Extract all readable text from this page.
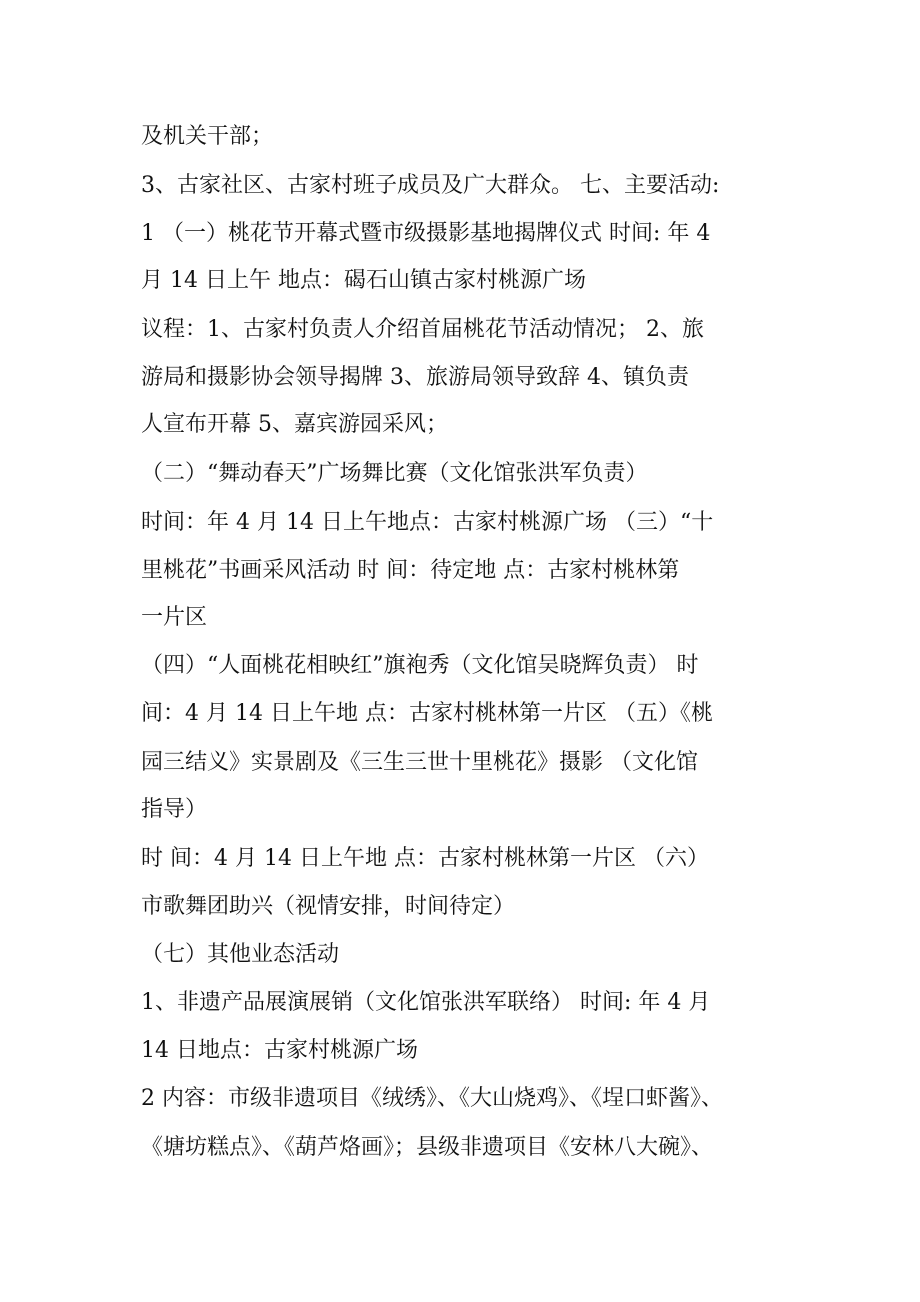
及机关干部；
3、古家社区、古家村班子成员及广大群众。 七、主要活动:
1 （一）桃花节开幕式暨市级摄影基地揭牌仪式 时间: 年 4
月 14 日上午 地点：碣石山镇古家村桃源广场
议程：1、古家村负责人介绍首届桃花节活动情况； 2、旅
游局和摄影协会领导揭牌 3、旅游局领导致辞 4、镇负责
人宣布开幕 5、嘉宾游园采风；
（二）“舞动春天”广场舞比赛（文化馆张洪军负责）
时间：年 4 月 14 日上午地点：古家村桃源广场 （三）“十
里桃花”书画采风活动 时 间：待定地 点：古家村桃林第
一片区
（四）“人面桃花相映红”旗袍秀（文化馆吴晓辉负责） 时
间：4 月 14 日上午地 点：古家村桃林第一片区 （五）《桃
园三结义》实景剧及《三生三世十里桃花》摄影 （文化馆
指导）
时 间：4 月 14 日上午地 点：古家村桃林第一片区 （六）
市歌舞团助兴（视情安排，时间待定）
（七）其他业态活动
1、非遗产品展演展销（文化馆张洪军联络） 时间: 年 4 月
14 日地点：古家村桃源广场
2 内容：市级非遗项目《绒绣》、《大山烧鸡》、《埕口虾酱》、
《塘坊糕点》、《葫芦烙画》；县级非遗项目《安林八大碗》、
